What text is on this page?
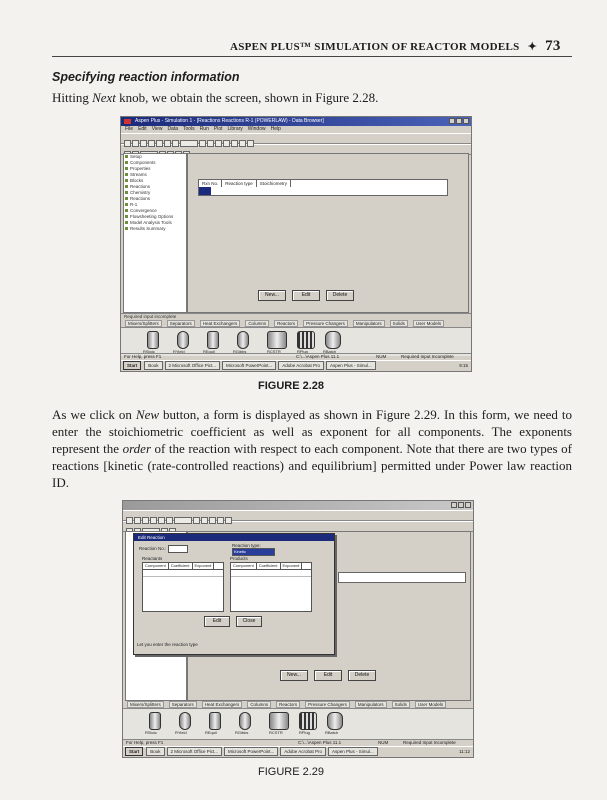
ASPEN PLUS™ SIMULATION OF REACTOR MODELS ✦ 73
Specifying reaction information
Hitting Next knob, we obtain the screen, shown in Figure 2.28.
Aspen Plus - Simulation 1 - [Reactions Reactions R-1 (POWERLAW) - Data Browser]
File Edit View Data Tools Run Plot Library Window Help
Setup
Components
Properties
Streams
Blocks
Reactions
Chemistry
Reactions
R-1
Convergence
Flowsheeting Options
Model Analysis Tools
Results Summary
Rxn No. Reaction type Stoichiometry
New...	Edit	Delete
Required input incomplete
Mixers/Splitters Separators Heat Exchangers Columns Reactors Pressure Changers Manipulators Solids User Models
RStoic	RYield	REquil	RGibbs	RCSTR	RPlug	RBatch
For Help, press F1	C:\...\Aspen Plus 11.1	NUM	Required Input Incomplete
Start Book 2 Microsoft Office Pict... Microsoft PowerPoint... Adobe Acrobat Pro Aspen Plus - Simul...	9:15
FIGURE 2.28
As we click on New button, a form is displayed as shown in Figure 2.29. In this form, we need to enter the stoichiometric coefficient as well as exponent for all components. The exponents represent the order of the reaction with respect to each component. Note that there are two types of reactions [kinetic (rate-controlled reactions) and equilibrium] permitted under Power law reaction ID.
New...	Edit	Delete
Edit Reaction
Reaction No.:
Reaction type:
Kinetic
Reactants
Component Coefficient Exponent
Products
Component Coefficient Exponent
Edit	Close
Let you enter the reaction type
Mixers/Splitters Separators Heat Exchangers Columns Reactors Pressure Changers Manipulators Solids User Models
RStoic	RYield	REquil	RGibbs	RCSTR	RPlug	RBatch
For Help, press F1	C:\...\Aspen Plus 11.1	NUM	Required Input Incomplete
Start Book 2 Microsoft Office Pict... Microsoft PowerPoint... Adobe Acrobat Pro Aspen Plus - Simul...	11:12
FIGURE 2.29
